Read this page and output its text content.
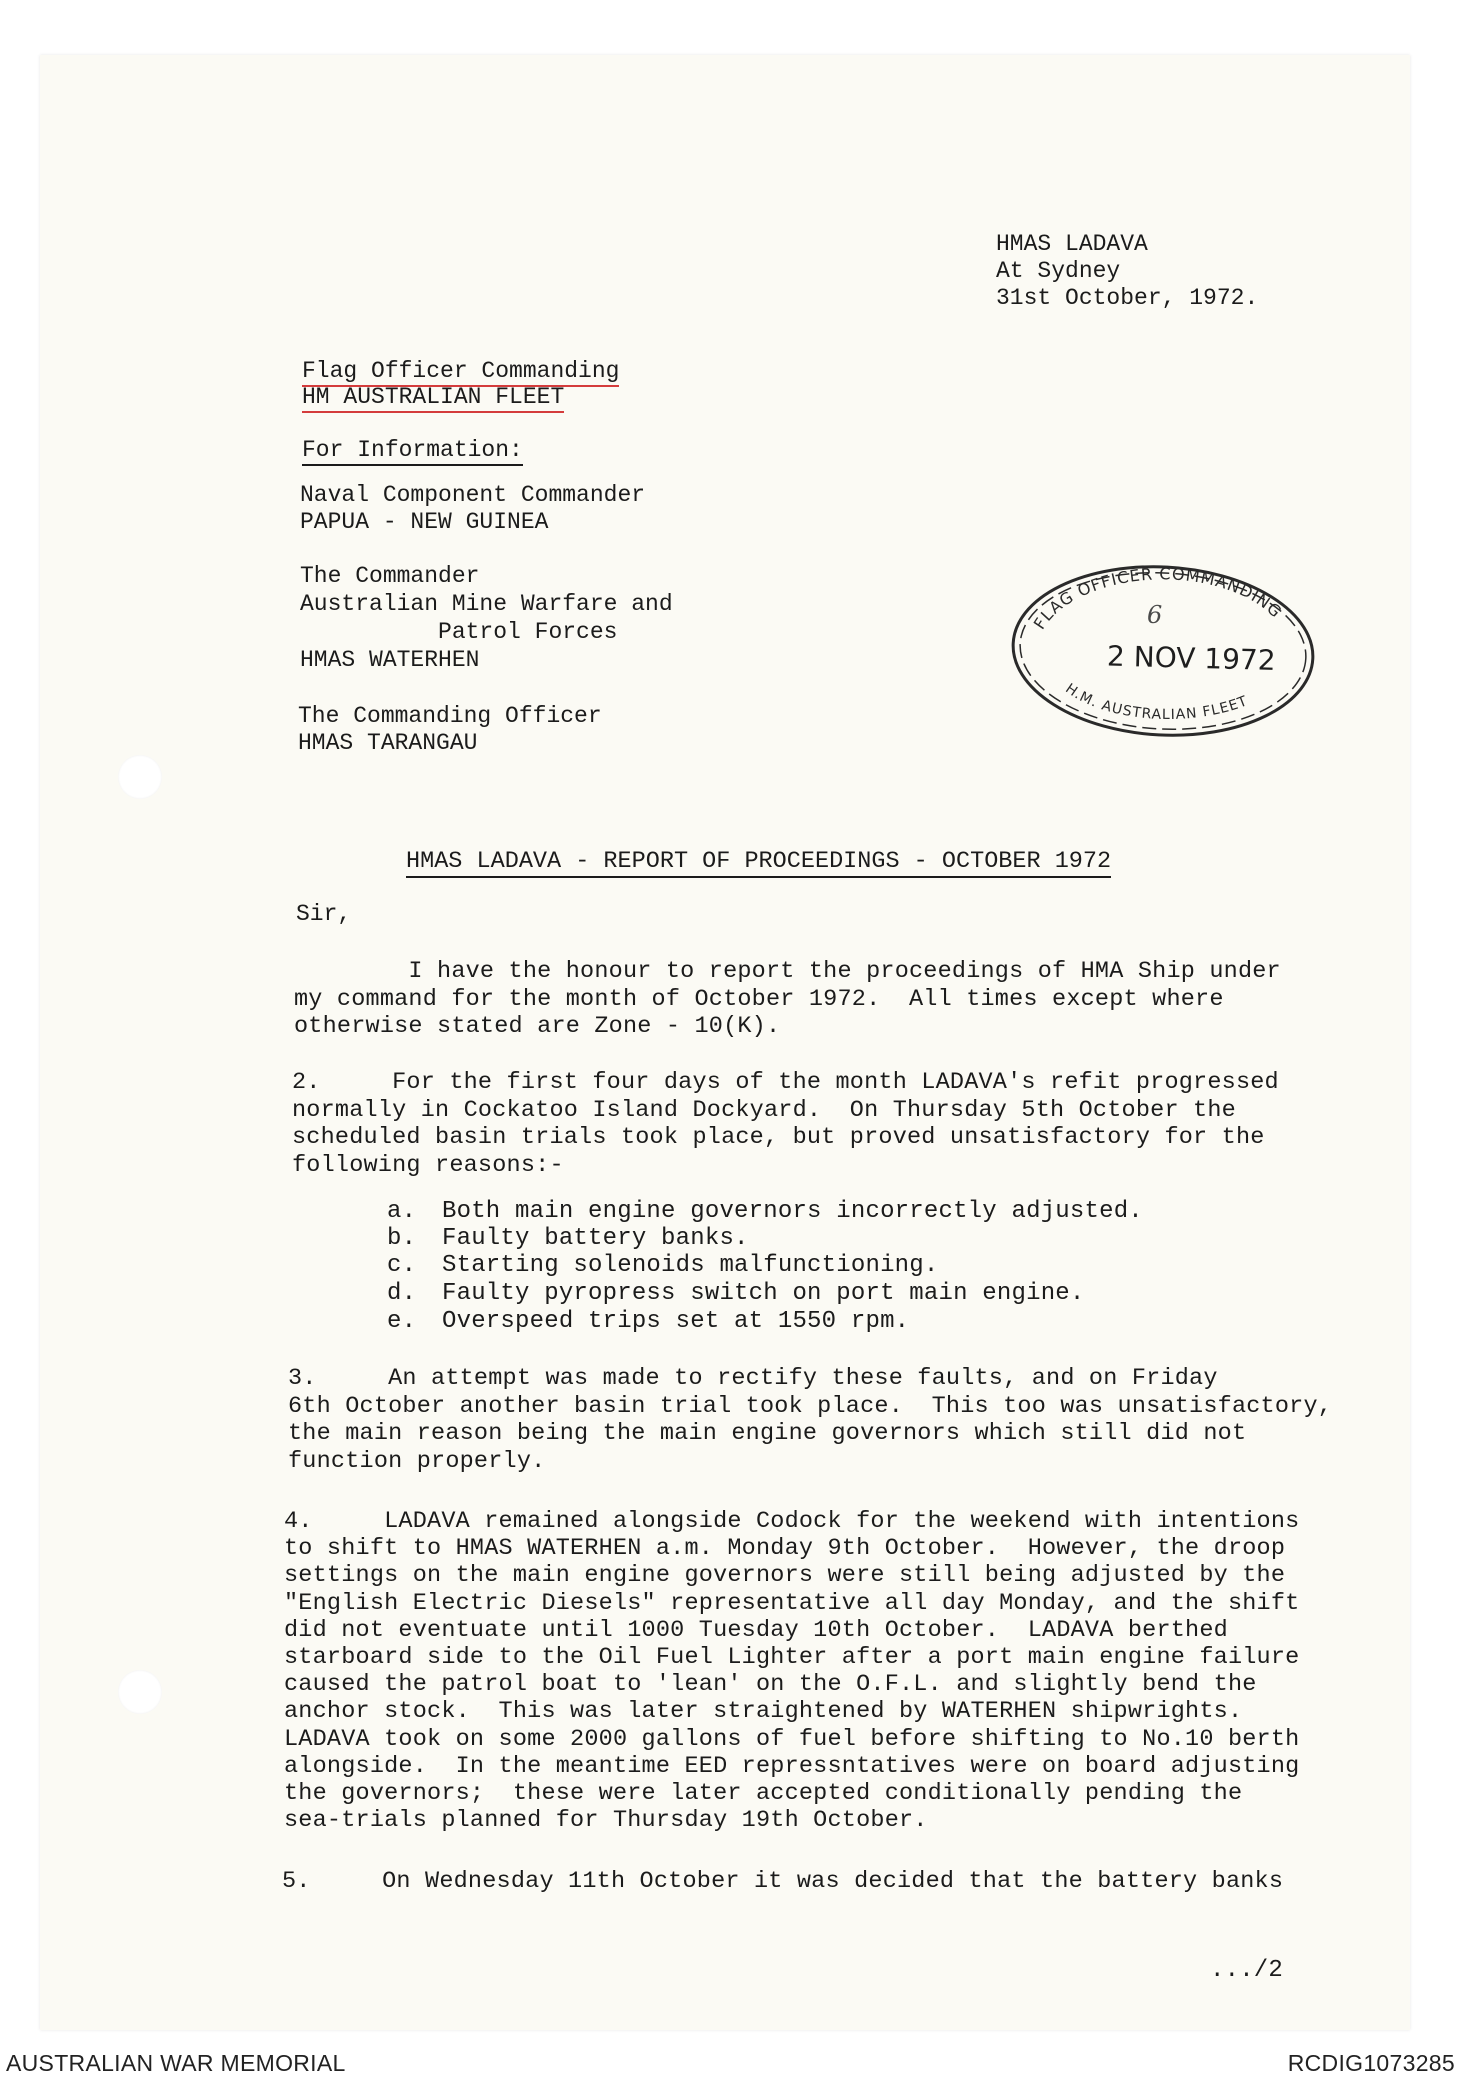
HMAS LADAVA
At Sydney
31st October, 1972.
Flag Officer Commanding
HM AUSTRALIAN FLEET
For Information:
Naval Component Commander
PAPUA - NEW GUINEA
The Commander
Australian Mine Warfare and
Patrol Forces
HMAS WATERHEN
The Commanding Officer
HMAS TARANGAU
FLAG OFFICER COMMANDING
6
2 NOV 1972
H.M. AUSTRALIAN FLEET
HMAS LADAVA - REPORT OF PROCEEDINGS - OCTOBER 1972
Sir,
I have the honour to report the proceedings of HMA Ship under
my command for the month of October 1972.  All times except where
otherwise stated are Zone - 10(K).
2.     For the first four days of the month LADAVA's refit progressed
normally in Cockatoo Island Dockyard.  On Thursday 5th October the
scheduled basin trials took place, but proved unsatisfactory for the
following reasons:-
a. Both main engine governors incorrectly adjusted.
b. Faulty battery banks.
c. Starting solenoids malfunctioning.
d. Faulty pyropress switch on port main engine.
e. Overspeed trips set at 1550 rpm.
3.     An attempt was made to rectify these faults, and on Friday
6th October another basin trial took place.  This too was unsatisfactory,
the main reason being the main engine governors which still did not
function properly.
4.     LADAVA remained alongside Codock for the weekend with intentions
to shift to HMAS WATERHEN a.m. Monday 9th October.  However, the droop
settings on the main engine governors were still being adjusted by the
"English Electric Diesels" representative all day Monday, and the shift
did not eventuate until 1000 Tuesday 10th October.  LADAVA berthed
starboard side to the Oil Fuel Lighter after a port main engine failure
caused the patrol boat to 'lean' on the O.F.L. and slightly bend the
anchor stock.  This was later straightened by WATERHEN shipwrights.
LADAVA took on some 2000 gallons of fuel before shifting to No.10 berth
alongside.  In the meantime EED repressntatives were on board adjusting
the governors;  these were later accepted conditionally pending the
sea-trials planned for Thursday 19th October.
5.     On Wednesday 11th October it was decided that the battery banks
.../2
AUSTRALIAN WAR MEMORIAL	RCDIG1073285
